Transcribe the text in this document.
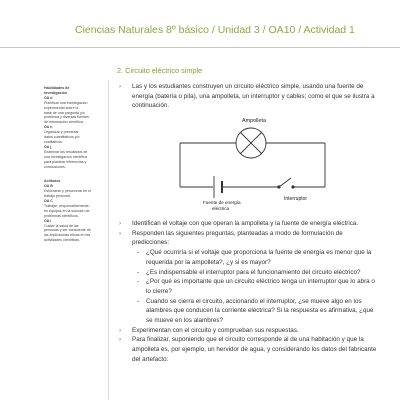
Ciencias Naturales 8º básico / Unidad 3 / OA10 / Actividad 1
Habilidades de
investigación
OA d
Planificar una investigación
experimental sobre la
base de una pregunta y/o
problema y diversas fuentes
de información científica.
OA h
Organizar y presentar
datos cuantitativos y/o
cualitativos.
OA j
Examinar los resultados de
una investigación científica
para plantear inferencias y
conclusiones.
Actitudes
OA B
Esforzarse y perseverar en el
trabajo personal.
OA C
Trabajar, responsablemente,
en equipos en la solución de
problemas científicos.
OA I
Cuidar la salud de las
personas y ser consciente de
las implicancias éticas en las
actividades científicas.
2. Circuito eléctrico simple
› Las y los estudiantes construyen un circuito eléctrico simple, usando una fuente de energía (batería o pila), una ampolleta, un interruptor y cables; como el que se ilustra a continuación.
Ampolleta
Fuente de energía
eléctrica
Interruptor
› Identifican el voltaje con que operan la ampolleta y la fuente de energía eléctrica.
› Responden las siguientes preguntas, planteadas a modo de formulación de predicciones:
- ¿Qué ocurriría si el voltaje que proporciona la fuente de energía es menor que la requerida por la ampolleta?, ¿y si es mayor?
- ¿Es indispensable el interruptor para el funcionamiento del circuito eléctrico?
- ¿Por qué es importante que un circuito eléctrico tenga un interruptor que lo abra o lo cierre?
- Cuando se cierra el circuito, accionando el interruptor, ¿se mueve algo en los alambres que conducen la corriente eléctrica? Si la respuesta es afirmativa, ¿qué se mueve en los alambres?
› Experimentan con el circuito y comprueban sus respuestas.
› Para finalizar, suponiendo que el circuito corresponde al de una habitación y que la ampolleta es, por ejemplo, un hervidor de agua, y considerando los datos del fabricante del artefacto:
